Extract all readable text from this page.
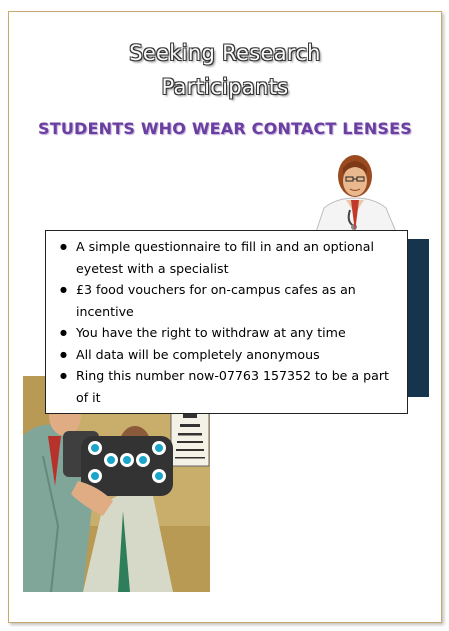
Seeking Research
Participants
STUDENTS WHO WEAR CONTACT LENSES
● A simple questionnaire to fill in and an optional eyetest with a specialist
● £3 food vouchers for on-campus cafes as an incentive
● You have the right to withdraw at any time
● All data will be completely anonymous
● Ring this number now-07763 157352 to be a part of it
